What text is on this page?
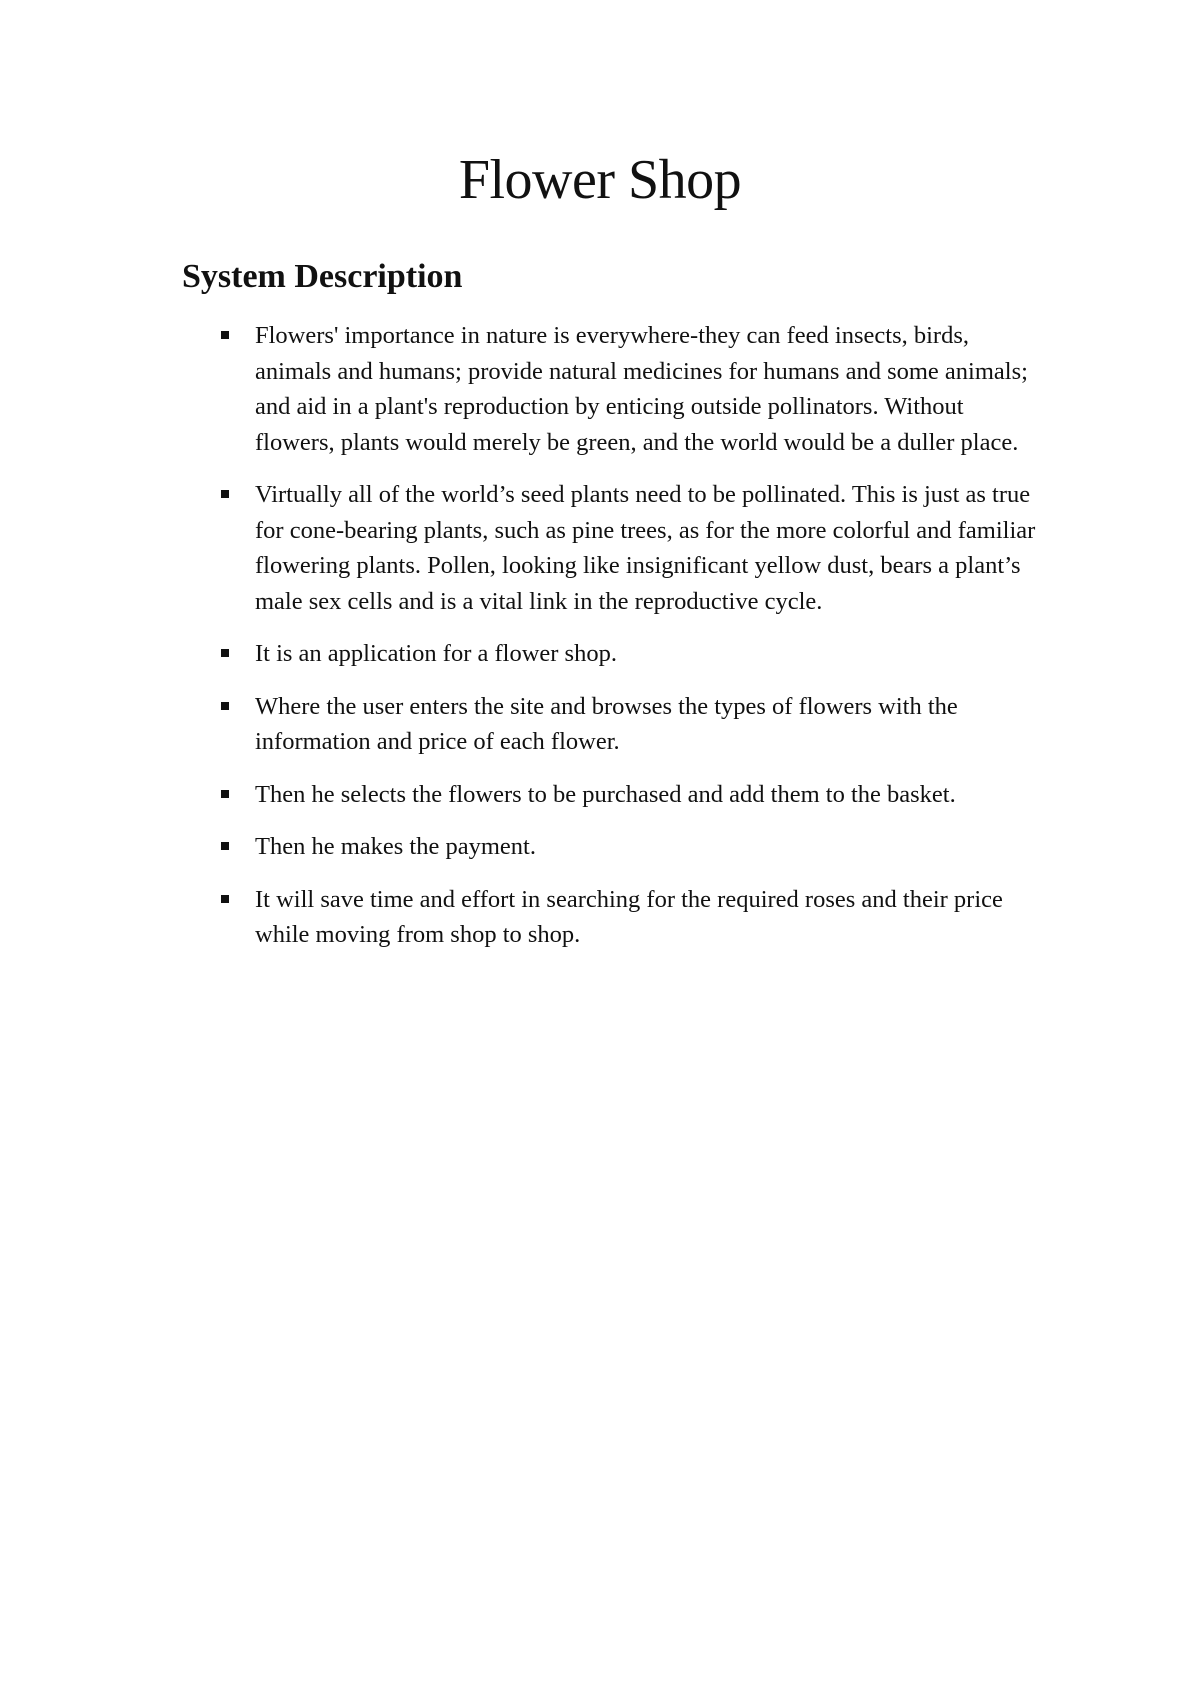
Flower Shop
System Description
Flowers' importance in nature is everywhere-they can feed insects, birds, animals and humans; provide natural medicines for humans and some animals; and aid in a plant's reproduction by enticing outside pollinators. Without flowers, plants would merely be green, and the world would be a duller place.
Virtually all of the world’s seed plants need to be pollinated. This is just as true for cone-bearing plants, such as pine trees, as for the more colorful and familiar flowering plants. Pollen, looking like insignificant yellow dust, bears a plant’s male sex cells and is a vital link in the reproductive cycle.
It is an application for a flower shop.
Where the user enters the site and browses the types of flowers with the information and price of each flower.
Then he selects the flowers to be purchased and add them to the basket.
Then he makes the payment.
It will save time and effort in searching for the required roses and their price while moving from shop to shop.
